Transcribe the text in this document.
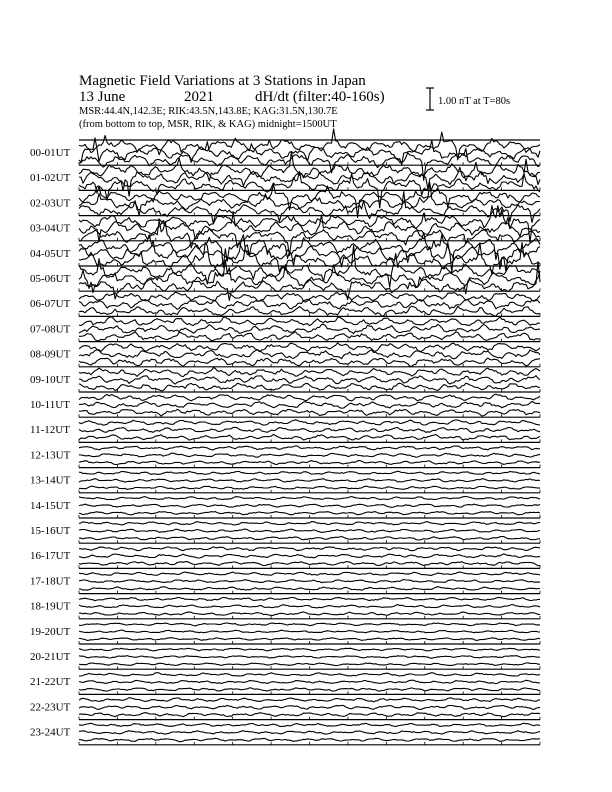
Magnetic Field Variations at 3 Stations in Japan
13 June	2021	dH/dt (filter:40-160s)
MSR:44.4N,142.3E; RIK:43.5N,143.8E; KAG:31.5N,130.7E
(from bottom to top, MSR, RIK, & KAG) midnight=1500UT
1.00 nT at T=80s
00-01UT
01-02UT
02-03UT
03-04UT
04-05UT
05-06UT
06-07UT
07-08UT
08-09UT
09-10UT
10-11UT
11-12UT
12-13UT
13-14UT
14-15UT
15-16UT
16-17UT
17-18UT
18-19UT
19-20UT
20-21UT
21-22UT
22-23UT
23-24UT
